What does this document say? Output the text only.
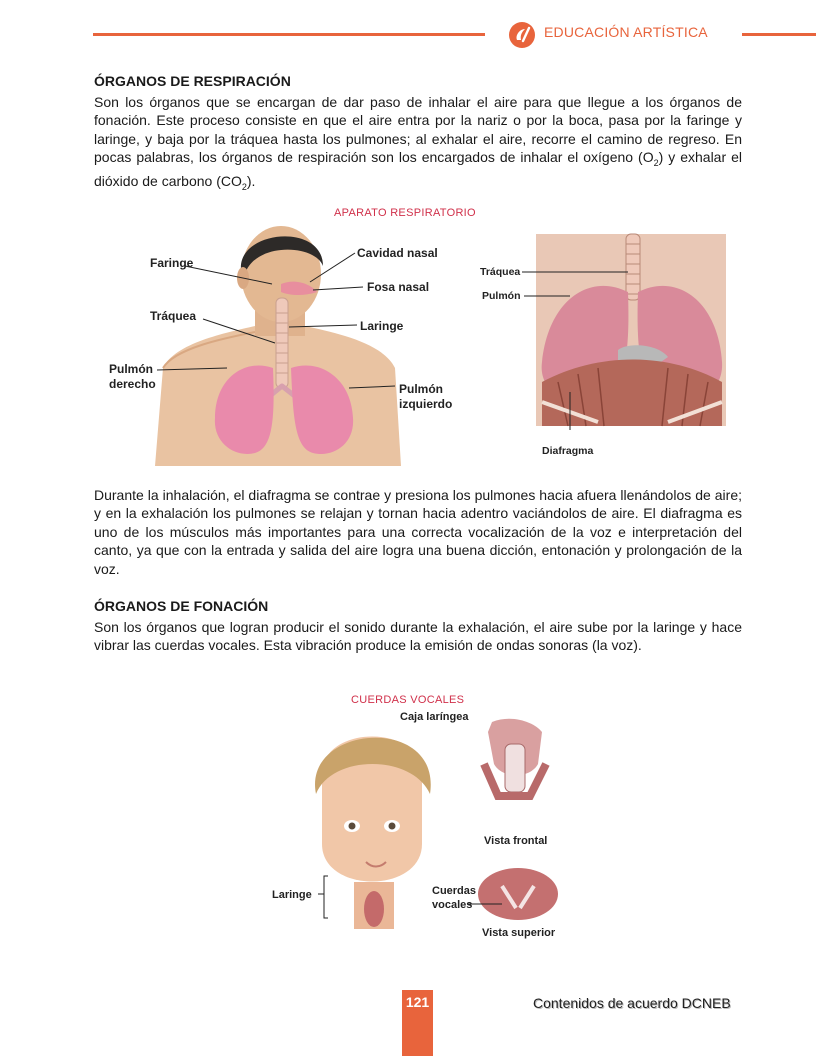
EDUCACIÓN ARTÍSTICA

ÓRGANOS DE RESPIRACIÓN

Son los órganos que se encargan de dar paso de inhalar el aire para que llegue a los órganos de fonación. Este proceso consiste en que el aire entra por la nariz o por la boca, pasa por la faringe y laringe, y baja por la tráquea hasta los pulmones; al exhalar el aire, recorre el camino de regreso. En pocas palabras, los órganos de respiración son los encargados de inhalar el oxígeno $(O_2)$ y exhalar el dióxido de carbono $(CO_2)$.

APARATO RESPIRATORIO
Faringe
Cavidad nasal
Fosa nasal
Tráquea
Laringe
Pulmón
derecho	Pulmón
izquierdo
Tráquea
Pulmón
Diafragma

Durante la inhalación, el diafragma se contrae y presiona los pulmones hacia afuera llenándolos de aire; y en la exhalación los pulmones se relajan y tornan hacia adentro vaciándolos de aire. El diafragma es uno de los músculos más importantes para una correcta vocalización de la voz e interpretación del canto, ya que con la entrada y salida del aire logra una buena dicción, entonación y prolongación de la voz.

ÓRGANOS DE FONACIÓN

Son los órganos que logran producir el sonido durante la exhalación, el aire sube por la laringe y hace vibrar las cuerdas vocales. Esta vibración produce la emisión de ondas sonoras (la voz).

CUERDAS VOCALES
Caja laríngea
Vista frontal
Laringe	Cuerdas
vocales
Vista superior
121	Contenidos de acuerdo DCNEB
